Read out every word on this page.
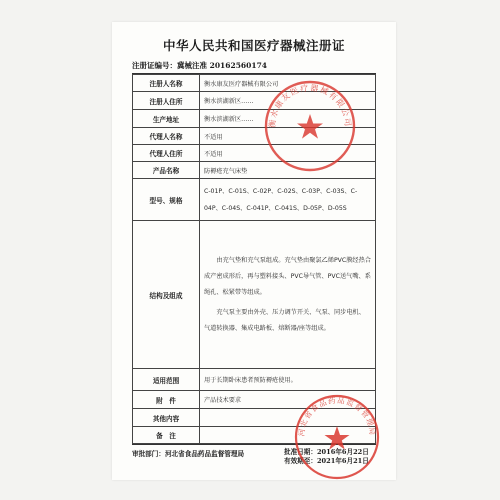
中华人民共和国医疗器械注册证
注册证编号：冀械注准 20162560174
注册人名称	衡水康友医疗器械有限公司
注册人住所	衡水滨湖新区……
生产地址	衡水滨湖新区……
代理人名称	不适用
代理人住所	不适用
产品名称	防褥疮充气床垫
型号、规格	C-01P、C-01S、C-02P、C-02S、C-03P、C-03S、C-04P、C-04S、C-041P、C-041S、D-05P、D-05S
结构及组成	由充气垫和充气泵组成。充气垫由聚氯乙烯PVC膜经热合成产密成形后，再与塑料接头、PVC导气管、PVC送气嘴、系绳孔、松紧带等组成。
充气泵主要由外壳、压力调节开关、气泵、同步电机、气道转换器、集成电路板、熔断器/座等组成。

适用范围	用于长期卧床患者预防褥疮使用。
附　件	产品技术要求
其他内容	
备　注	
审批部门：河北省食品药品监督管理局	批准日期：2016年6月22日
有效期至：2021年6月21日
衡水康友医疗器械有限公司
河北省食品药品监督管理局
